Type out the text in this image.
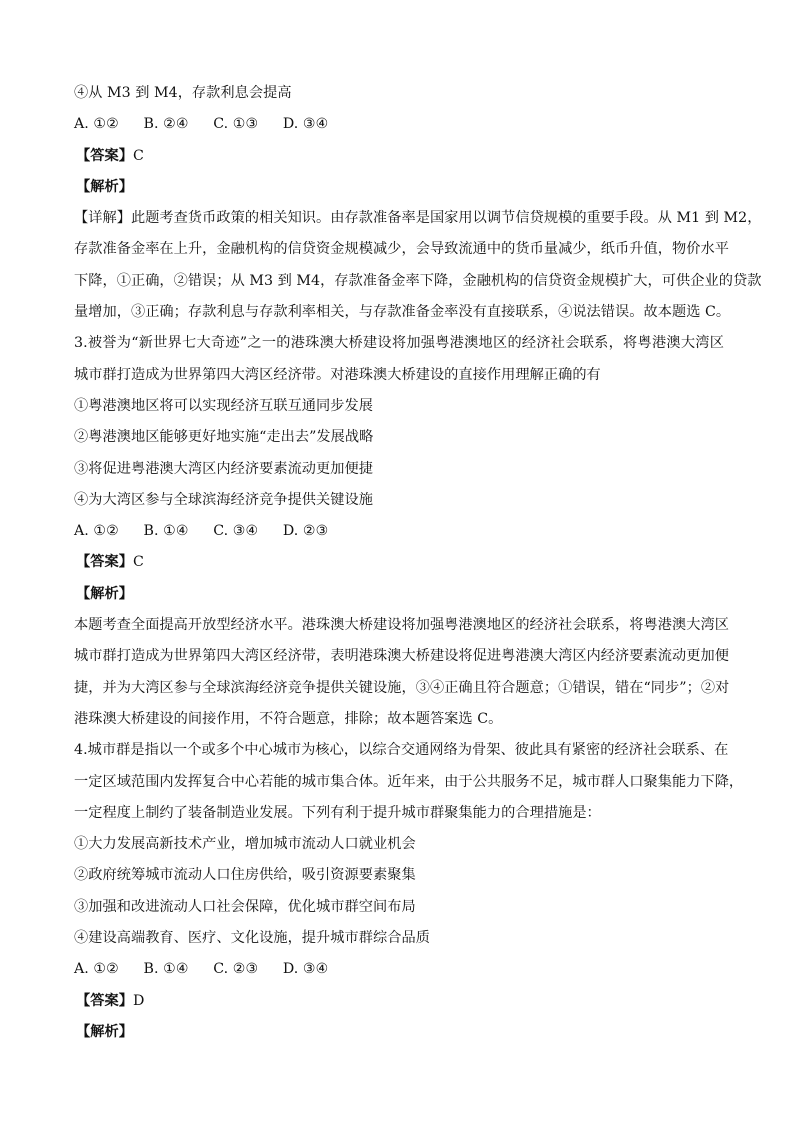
④从 M3 到 M4，存款利息会提高
A. ①② B. ②④ C. ①③ D. ③④
【答案】C
【解析】
【详解】此题考查货币政策的相关知识。由存款准备率是国家用以调节信贷规模的重要手段。从 M1 到 M2，
存款准备金率在上升，金融机构的信贷资金规模减少，会导致流通中的货币量减少，纸币升值，物价水平
下降，①正确，②错误；从 M3 到 M4，存款准备金率下降，金融机构的信贷资金规模扩大，可供企业的贷款
量增加，③正确；存款利息与存款利率相关，与存款准备金率没有直接联系，④说法错误。故本题选 C。
3.被誉为“新世界七大奇迹”之一的港珠澳大桥建设将加强粤港澳地区的经济社会联系，将粤港澳大湾区
城市群打造成为世界第四大湾区经济带。对港珠澳大桥建设的直接作用理解正确的有
①粤港澳地区将可以实现经济互联互通同步发展
②粤港澳地区能够更好地实施“走出去”发展战略
③将促进粤港澳大湾区内经济要素流动更加便捷
④为大湾区参与全球滨海经济竞争提供关键设施
A. ①② B. ①④ C. ③④ D. ②③
【答案】C
【解析】
本题考查全面提高开放型经济水平。港珠澳大桥建设将加强粤港澳地区的经济社会联系，将粤港澳大湾区
城市群打造成为世界第四大湾区经济带，表明港珠澳大桥建设将促进粤港澳大湾区内经济要素流动更加便
捷，并为大湾区参与全球滨海经济竞争提供关键设施，③④正确且符合题意；①错误，错在“同步”；②对
港珠澳大桥建设的间接作用，不符合题意，排除；故本题答案选 C。
4.城市群是指以一个或多个中心城市为核心，以综合交通网络为骨架、彼此具有紧密的经济社会联系、在
一定区域范围内发挥复合中心若能的城市集合体。近年来，由于公共服务不足，城市群人口聚集能力下降，
一定程度上制约了装备制造业发展。下列有利于提升城市群聚集能力的合理措施是：
①大力发展高新技术产业，增加城市流动人口就业机会
②政府统筹城市流动人口住房供给，吸引资源要素聚集
③加强和改进流动人口社会保障，优化城市群空间布局
④建设高端教育、医疗、文化设施，提升城市群综合品质
A. ①② B. ①④ C. ②③ D. ③④
【答案】D
【解析】
